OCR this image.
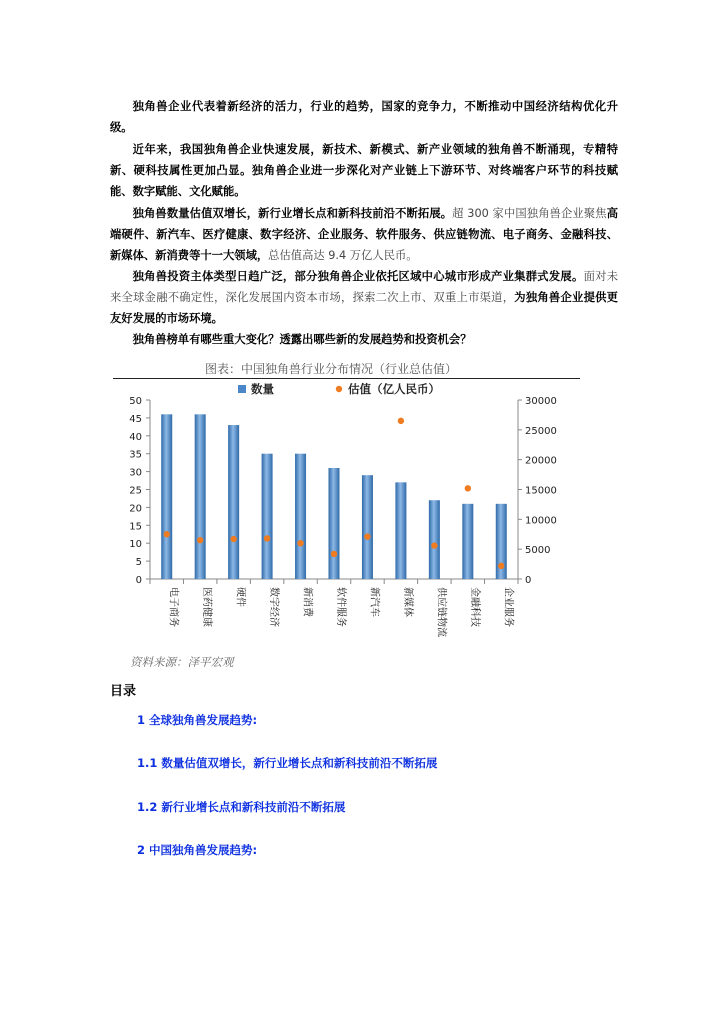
独角兽企业代表着新经济的活力，行业的趋势，国家的竞争力，不断推动中国经济结构优化升级。

近年来，我国独角兽企业快速发展，新技术、新模式、新产业领域的独角兽不断涌现，专精特新、硬科技属性更加凸显。独角兽企业进一步深化对产业链上下游环节、对终端客户环节的科技赋能、数字赋能、文化赋能。

独角兽数量估值双增长，新行业增长点和新科技前沿不断拓展。超 300 家中国独角兽企业聚焦高端硬件、新汽车、医疗健康、数字经济、企业服务、软件服务、供应链物流、电子商务、金融科技、新媒体、新消费等十一大领域，总估值高达 9.4 万亿人民币。

独角兽投资主体类型日趋广泛，部分独角兽企业依托区域中心城市形成产业集群式发展。面对未来全球金融不确定性，深化发展国内资本市场，探索二次上市、双重上市渠道，为独角兽企业提供更友好发展的市场环境。

独角兽榜单有哪些重大变化？透露出哪些新的发展趋势和投资机会？

图表：中国独角兽行业分布情况（行业总估值）
0
5
10
15
20
25
30
35
40
45
50
0
5000
10000
15000
20000
25000
30000
电子商务 医药健康 硬件 数字经济 新消费 软件服务 新汽车 新媒体 供应链物流 金融科技 企业服务
数量	估值（亿人民币）
资料来源：泽平宏观
目录
1 全球独角兽发展趋势:
1.1 数量估值双增长，新行业增长点和新科技前沿不断拓展
1.2 新行业增长点和新科技前沿不断拓展
2 中国独角兽发展趋势:
